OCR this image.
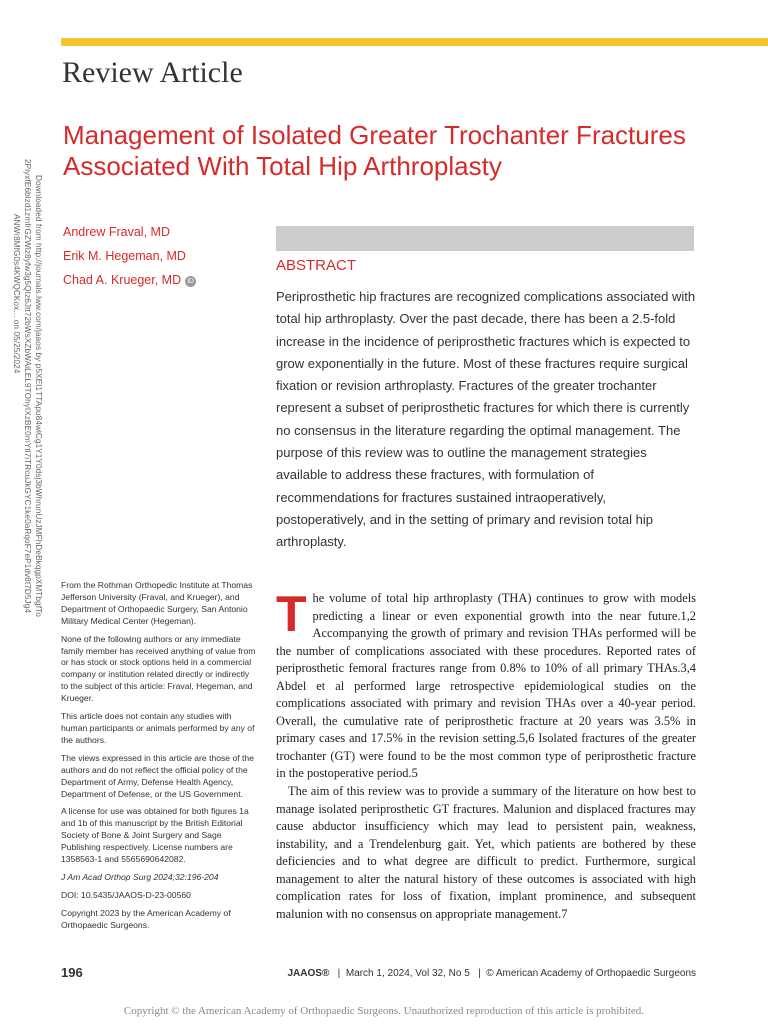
Review Article
Management of Isolated Greater Trochanter Fractures Associated With Total Hip Arthroplasty
Downloaded from http://journals.lww.com/jaaos by p5XEI1TTApu84wlCg1Y1Y0dsj3bWhrunUzJMFhDeBkqgpXMTbgfTo
2PiyxfE6blzd1zmfrGZWlz8yfw3g5QIz6Jtt72bWsXZbWAiLEL9TOhyIXzBE0mYtl7iTRcuJkGYC1ke0aRqoF7eP1dv8t7D5Jg4
ANWr8MfG0s4KWQCKox... on 05/25/2024	Andrew Fraval, MD
Erik M. Hegeman, MD
Chad A. Krueger, MD iD
ABSTRACT
Periprosthetic hip fractures are recognized complications associated with total hip arthroplasty. Over the past decade, there has been a 2.5-fold increase in the incidence of periprosthetic fractures which is expected to grow exponentially in the future. Most of these fractures require surgical fixation or revision arthroplasty. Fractures of the greater trochanter represent a subset of periprosthetic fractures for which there is currently no consensus in the literature regarding the optimal management. The purpose of this review was to outline the management strategies available to address these fractures, with formulation of recommendations for fractures sustained intraoperatively, postoperatively, and in the setting of primary and revision total hip arthroplasty.

From the Rothman Orthopedic Institute at Thomas Jefferson University (Fraval, and Krueger), and Department of Orthopaedic Surgery, San Antonio Military Medical Center (Hegeman).

None of the following authors or any immediate family member has received anything of value from or has stock or stock options held in a commercial company or institution related directly or indirectly to the subject of this article: Fraval, Hegeman, and Krueger.

This article does not contain any studies with human participants or animals performed by any of the authors.

The views expressed in this article are those of the authors and do not reflect the official policy of the Department of Army, Defense Health Agency, Department of Defense, or the US Government.

A license for use was obtained for both figures 1a and 1b of this manuscript by the British Editorial Society of Bone & Joint Surgery and Sage Publishing respectively. License numbers are 1358563-1 and 5565690642082.

J Am Acad Orthop Surg 2024;32:196-204

DOI: 10.5435/JAAOS-D-23-00560

Copyright 2023 by the American Academy of Orthopaedic Surgeons.

The volume of total hip arthroplasty (THA) continues to grow with models predicting a linear or even exponential growth into the near future.1,2 Accompanying the growth of primary and revision THAs performed will be the number of complications associated with these procedures. Reported rates of periprosthetic femoral fractures range from 0.8% to 10% of all primary THAs.3,4 Abdel et al performed large retrospective epidemiological studies on the complications associated with primary and revision THAs over a 40-year period. Overall, the cumulative rate of periprosthetic fracture at 20 years was 3.5% in primary cases and 17.5% in the revision setting.5,6 Isolated fractures of the greater trochanter (GT) were found to be the most common type of periprosthetic fracture in the postoperative period.5

The aim of this review was to provide a summary of the literature on how best to manage isolated periprosthetic GT fractures. Malunion and displaced fractures may cause abductor insufficiency which may lead to persistent pain, weakness, instability, and a Trendelenburg gait. Yet, which patients are bothered by these deficiencies and to what degree are difficult to predict. Furthermore, surgical management to alter the natural history of these outcomes is associated with high complication rates for loss of fixation, implant prominence, and subsequent malunion with no consensus on appropriate management.7

196	JAAOS®   |  March 1, 2024, Vol 32, No 5   |  © American Academy of Orthopaedic Surgeons
Copyright © the American Academy of Orthopaedic Surgeons. Unauthorized reproduction of this article is prohibited.
